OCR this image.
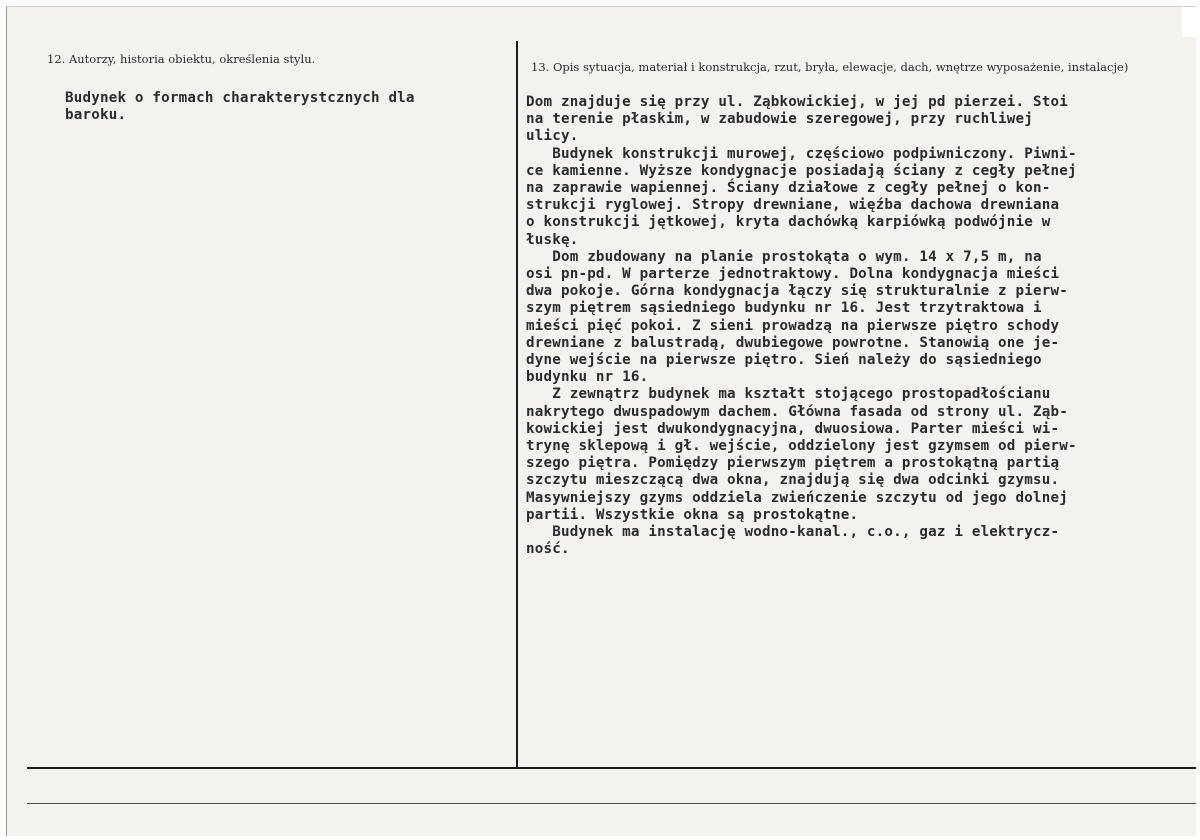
12. Autorzy, historia obiektu, określenia stylu.
Budynek o formach charakterystcznych dla
baroku.
13. Opis sytuacja, materiał i konstrukcja, rzut, bryła, elewacje, dach, wnętrze wyposażenie, instalacje)
Dom znajduje się przy ul. Ząbkowickiej, w jej pd pierzei. Stoi
na terenie płaskim, w zabudowie szeregowej, przy ruchliwej
ulicy.
Budynek konstrukcji murowej, częściowo podpiwniczony. Piwni-
ce kamienne. Wyższe kondygnacje posiadają ściany z cegły pełnej
na zaprawie wapiennej. Ściany działowe z cegły pełnej o kon-
strukcji ryglowej. Stropy drewniane, więźba dachowa drewniana
o konstrukcji jętkowej, kryta dachówką karpiówką podwójnie w
łuskę.
Dom zbudowany na planie prostokąta o wym. 14 x 7,5 m, na
osi pn-pd. W parterze jednotraktowy. Dolna kondygnacja mieści
dwa pokoje. Górna kondygnacja łączy się strukturalnie z pierw-
szym piętrem sąsiedniego budynku nr 16. Jest trzytraktowa i
mieści pięć pokoi. Z sieni prowadzą na pierwsze piętro schody
drewniane z balustradą, dwubiegowe powrotne. Stanowią one je-
dyne wejście na pierwsze piętro. Sień należy do sąsiedniego
budynku nr 16.
Z zewnątrz budynek ma kształt stojącego prostopadłościanu
nakrytego dwuspadowym dachem. Główna fasada od strony ul. Ząb-
kowickiej jest dwukondygnacyjna, dwuosiowa. Parter mieści wi-
trynę sklepową i gł. wejście, oddzielony jest gzymsem od pierw-
szego piętra. Pomiędzy pierwszym piętrem a prostokątną partią
szczytu mieszczącą dwa okna, znajdują się dwa odcinki gzymsu.
Masywniejszy gzyms oddziela zwieńczenie szczytu od jego dolnej
partii. Wszystkie okna są prostokątne.
Budynek ma instalację wodno-kanal., c.o., gaz i elektrycz-
ność.
